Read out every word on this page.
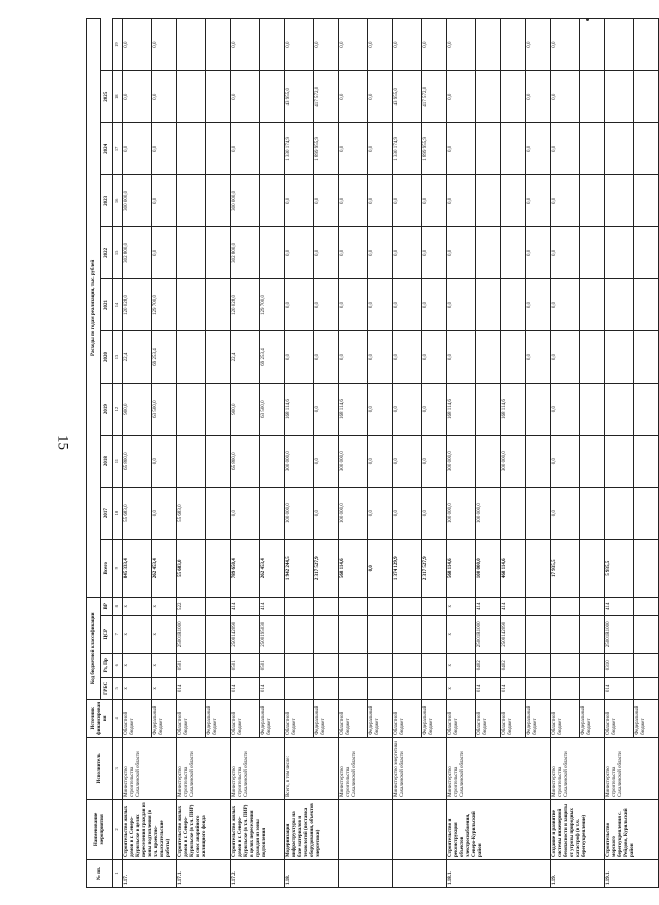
15
№ пп.	Наименование мероприятия	Исполнитель	Источник финансирования	Код бюджетной классификации				Расходы по годам реализации, тыс. рублей										
				ГРБС	Рз, Пр	ЦСР	ВР	Всего	2017	2018	2019	2020	2021	2022	2023	2024	2025	
1	2	3	4	5	6	7	8	9	10	11	12	13	14	15	16	17	18	19
1.17.	Строительство жилых домов в г. Северо-Курильске в целях переселения граждан из зоны подтопления (в т.ч. проектно-изыскательские работы)	Министерство строительства Сахалинской области	Областной бюджет	х	х	х	х	845 333,4	55 683,0	65 800,0	900,0	22,4	120 028,0	302 800,0	300 000,0	0,0	0,0	0,0
			Федеральный бюджет	х	х	х	х	262 453,4	0,0	0,0	63 500,0	69 253,4	129 700,0	0,0	0,0	0,0	0,0	0,0
1.17.1.	Строительство жилых домов в г. Северо-Курильске (в т.ч. ПИР) и снос аварийного жилищного фонда	Министерство строительства Сахалинской области	Областной бюджет	014	0501	25001R1000	522	55 683,0	55 683,0									
			Федеральный бюджет															
1.17.2.	Строительство жилых домов в г. Северо-Курильске (в т.ч. ПИР) в целях переселения граждан из зоны подтопления	Министерство строительства Сахалинской области	Областной бюджет	014	0501	2500142090	414	789 650,4	0,0	65 800,0	900,0	22,4	120 028,0	302 800,0	300 000,0	0,0	0,0	0,0
			Федеральный бюджет	014	0501	2500195030	414	262 453,4			63 500,0	69 253,4	129 700,0					
1.18.	Модернизация инфраструктуры на базе материалов и технологий (поставка оборудования, объектов энергетики)	Всего, в том числе:	Областной бюджет					1 942 244,5	100 000,0	300 000,0	168 114,6	0,0	0,0	0,0	0,0	1 330 174,9	43 955,0	0,0
			Федеральный бюджет					2 317 527,9	0,0	0,0	0,0	0,0	0,0	0,0	0,0	1 899 955,9	417 572,0	0,0
		Министерство строительства Сахалинской области	Областной бюджет					568 114,6	100 000,0	300 000,0	168 114,6	0,0	0,0	0,0	0,0	0,0	0,0	0,0
			Федеральный бюджет					0,0	0,0	0,0	0,0	0,0	0,0	0,0	0,0	0,0	0,0	0,0
		Министерство энергетики Сахалинской области	Областной бюджет					1 374 129,9	0,0	0,0	0,0	0,0	0,0	0,0	0,0	1 330 174,9	43 955,0	0,0
			Федеральный бюджет					2 317 527,9	0,0	0,0	0,0	0,0	0,0	0,0	0,0	1 899 955,9	417 572,0	0,0
1.18.1.	Строительство и реконструкция объектов электроснабжения, Северо-Курильский район	Министерство строительства Сахалинской области	Областной бюджет	х	х	х	х	568 114,6	100 000,0	300 000,0	168 114,6	0,0	0,0	0,0	0,0	0,0	0,0	0,0
			Областной бюджет	014	0402	25001R1000	414	100 000,0	100 000,0									
			Областной бюджет	014	0402	2500142090	414	468 114,6		300 000,0	168 114,6							
			Федеральный бюджет									0,0	0,0	0,0	0,0	0,0	0,0	0,0
1.19.	Создание и развитие системы инженерной безопасности и защиты от угрозы природных катастроф (в т.ч. берегоукрепление)	Министерство строительства Сахалинской области	Областной бюджет					17 935,5	0,0	0,0	0,0	0,0	0,0	0,0	0,0	0,0	0,0	0,0
			Федеральный бюджет															
1.19.1.	Строительство морского берегоукрепления с. Рейдово, Курильский район	Министерство строительства Сахалинской области	Областной бюджет	014	0310	25001R1000	414	5 935,5										
			Федеральный бюджет															
